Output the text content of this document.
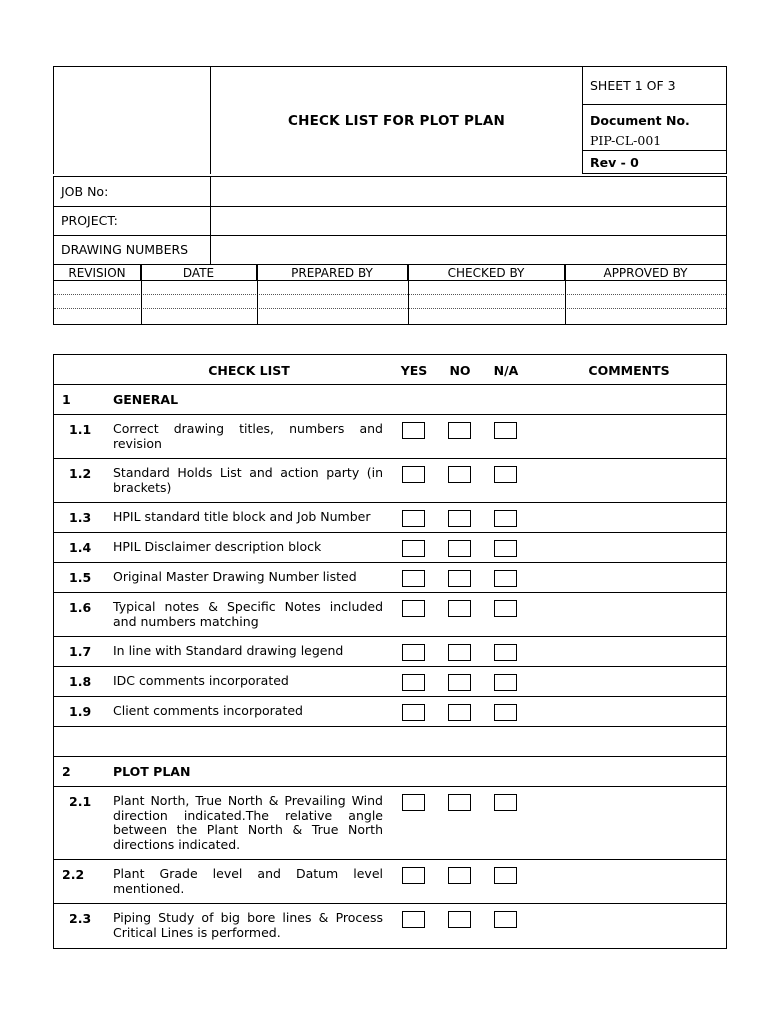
CHECK LIST FOR PLOT PLAN
SHEET 1 OF 3
Document No.
PIP-CL-001
Rev - 0
JOB No:
PROJECT:
DRAWING NUMBERS
REVISION	DATE	PREPARED BY	CHECKED BY	APPROVED BY
CHECK LIST	YES	NO	N/A	COMMENTS
1	GENERAL
1.1 Correct drawing titles, numbers and revision
1.2 Standard Holds List and action party (in brackets)
1.3 HPIL standard title block and Job Number
1.4 HPIL Disclaimer description block
1.5 Original Master Drawing Number listed
1.6 Typical notes & Specific Notes included and numbers matching
1.7 In line with Standard drawing legend
1.8 IDC comments incorporated
1.9 Client comments incorporated
2	PLOT PLAN
2.1 Plant North, True North & Prevailing Wind direction indicated.The relative angle between the Plant North & True North directions indicated.
2.2 Plant Grade level and Datum level mentioned.
2.3 Piping Study of big bore lines & Process Critical Lines is performed.
